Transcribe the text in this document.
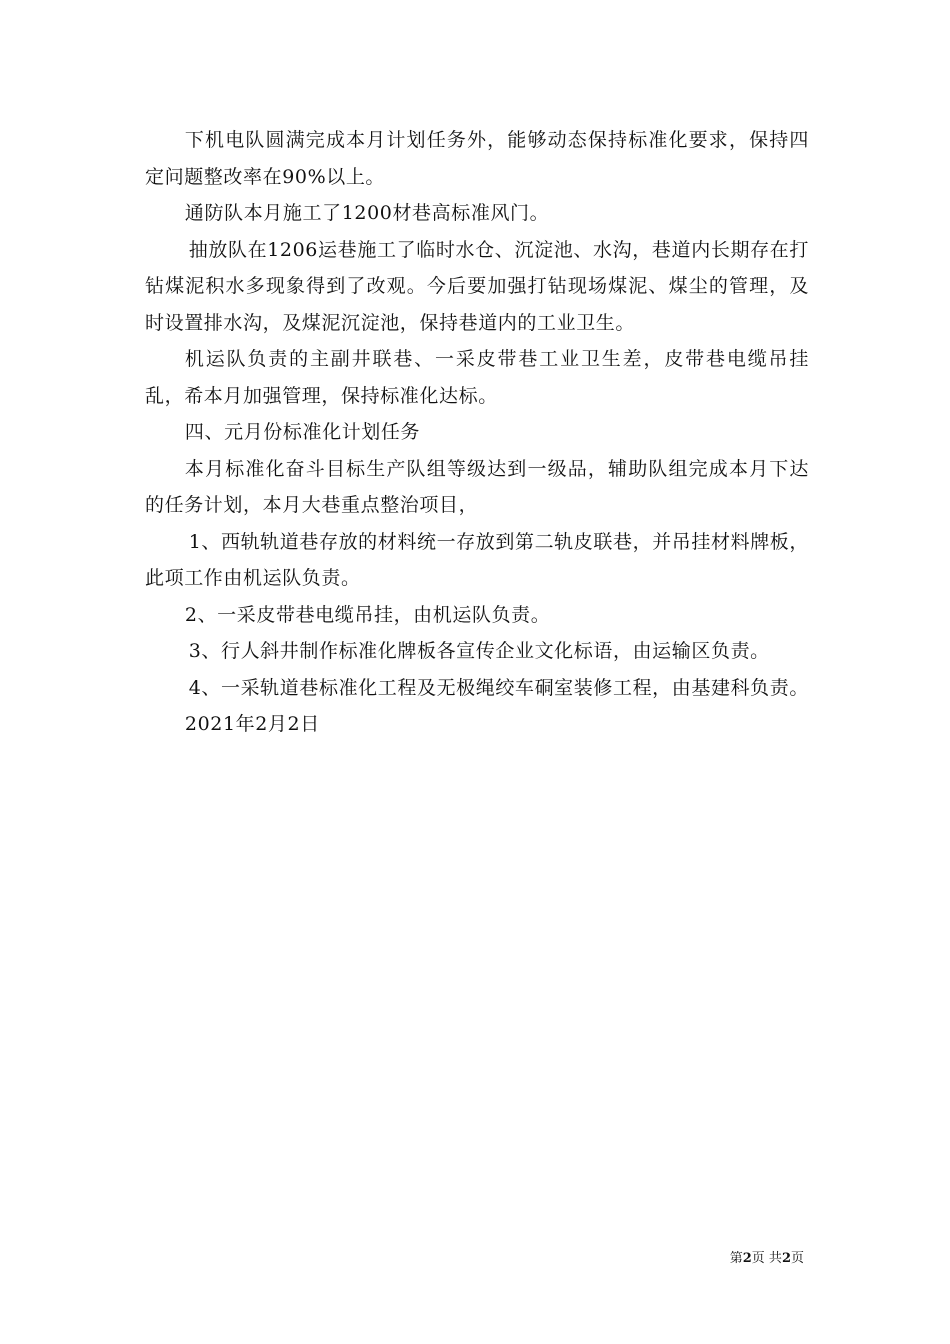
下机电队圆满完成本月计划任务外，能够动态保持标准化要求，保持四定问题整改率在90%以上。

通防队本月施工了1200材巷高标准风门。

抽放队在1206运巷施工了临时水仓、沉淀池、水沟，巷道内长期存在打钻煤泥积水多现象得到了改观。今后要加强打钻现场煤泥、煤尘的管理，及时设置排水沟，及煤泥沉淀池，保持巷道内的工业卫生。

机运队负责的主副井联巷、一采皮带巷工业卫生差，皮带巷电缆吊挂乱，希本月加强管理，保持标准化达标。

四、元月份标准化计划任务

本月标准化奋斗目标生产队组等级达到一级品，辅助队组完成本月下达的任务计划，本月大巷重点整治项目，

1、西轨轨道巷存放的材料统一存放到第二轨皮联巷，并吊挂材料牌板，此项工作由机运队负责。

2、一采皮带巷电缆吊挂，由机运队负责。

3、行人斜井制作标准化牌板各宣传企业文化标语，由运输区负责。

4、一采轨道巷标准化工程及无极绳绞车硐室装修工程，由基建科负责。

2021年2月2日

第2页 共2页
